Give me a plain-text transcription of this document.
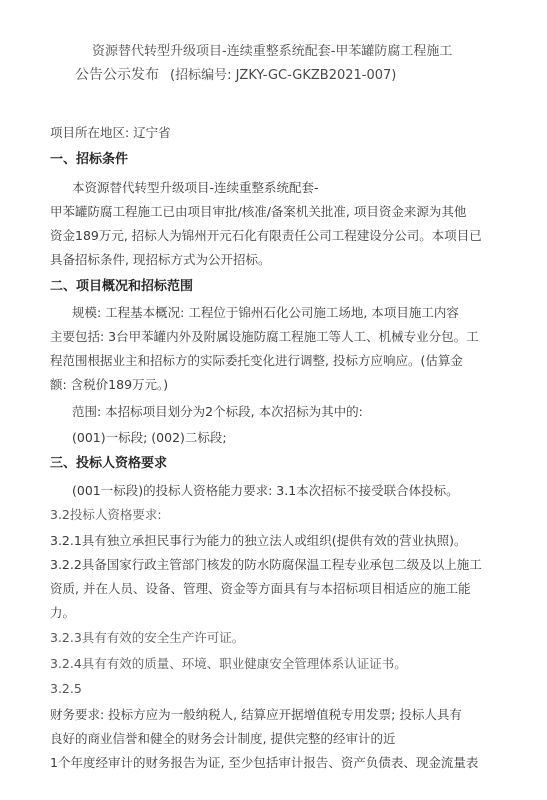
资源替代转型升级项目-连续重整系统配套-甲苯罐防腐工程施工
公告公示发布 (招标编号: JZKY-GC-GKZB2021-007)
项目所在地区: 辽宁省
一、招标条件
本资源替代转型升级项目-连续重整系统配套-
甲苯罐防腐工程施工已由项目审批/核准/备案机关批准, 项目资金来源为其他
资金189万元, 招标人为锦州开元石化有限责任公司工程建设分公司。本项目已
具备招标条件, 现招标方式为公开招标。
二、项目概况和招标范围
规模: 工程基本概况: 工程位于锦州石化公司施工场地, 本项目施工内容
主要包括: 3台甲苯罐内外及附属设施防腐工程施工等人工、机械专业分包。工
程范围根据业主和招标方的实际委托变化进行调整, 投标方应响应。(估算金
额: 含税价189万元。)
范围: 本招标项目划分为2个标段, 本次招标为其中的:
(001)一标段; (002)二标段;
三、投标人资格要求
(001一标段)的投标人资格能力要求: 3.1本次招标不接受联合体投标。
3.2投标人资格要求:
3.2.1具有独立承担民事行为能力的独立法人或组织(提供有效的营业执照)。
3.2.2具备国家行政主管部门核发的防水防腐保温工程专业承包二级及以上施工
资质, 并在人员、设备、管理、资金等方面具有与本招标项目相适应的施工能
力。
3.2.3具有有效的安全生产许可证。
3.2.4具有有效的质量、环境、职业健康安全管理体系认证证书。
3.2.5
财务要求: 投标方应为一般纳税人, 结算应开据增值税专用发票; 投标人具有
良好的商业信誉和健全的财务会计制度, 提供完整的经审计的近
1个年度经审计的财务报告为证, 至少包括审计报告、资产负债表、现金流量表
